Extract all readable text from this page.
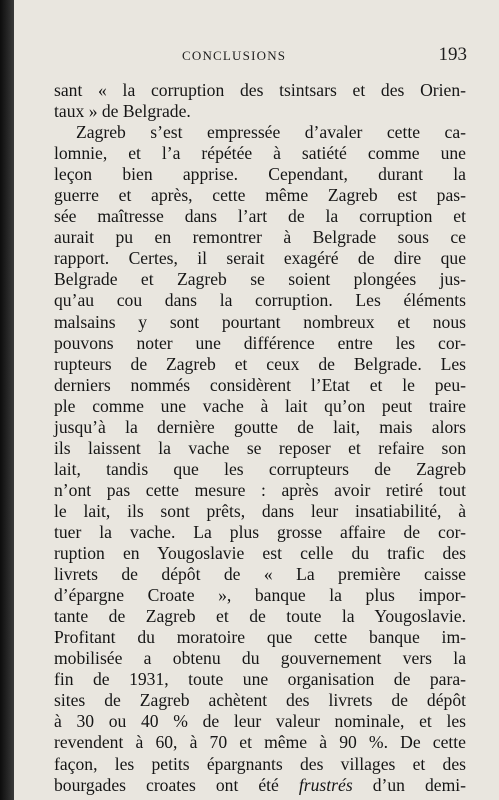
CONCLUSIONS	193
sant « la corruption des tsintsars et des Orien-
taux » de Belgrade.
Zagreb s’est empressée d’avaler cette ca-
lomnie, et l’a répétée à satiété comme une
leçon bien apprise. Cependant, durant la
guerre et après, cette même Zagreb est pas-
sée maîtresse dans l’art de la corruption et
aurait pu en remontrer à Belgrade sous ce
rapport. Certes, il serait exagéré de dire que
Belgrade et Zagreb se soient plongées jus-
qu’au cou dans la corruption. Les éléments
malsains y sont pourtant nombreux et nous
pouvons noter une différence entre les cor-
rupteurs de Zagreb et ceux de Belgrade. Les
derniers nommés considèrent l’Etat et le peu-
ple comme une vache à lait qu’on peut traire
jusqu’à la dernière goutte de lait, mais alors
ils laissent la vache se reposer et refaire son
lait, tandis que les corrupteurs de Zagreb
n’ont pas cette mesure : après avoir retiré tout
le lait, ils sont prêts, dans leur insatiabilité, à
tuer la vache. La plus grosse affaire de cor-
ruption en Yougoslavie est celle du trafic des
livrets de dépôt de « La première caisse
d’épargne Croate », banque la plus impor-
tante de Zagreb et de toute la Yougoslavie.
Profitant du moratoire que cette banque im-
mobilisée a obtenu du gouvernement vers la
fin de 1931, toute une organisation de para-
sites de Zagreb achètent des livrets de dépôt
à 30 ou 40 % de leur valeur nominale, et les
revendent à 60, à 70 et même à 90 %. De cette
façon, les petits épargnants des villages et des
bourgades croates ont été frustrés d’un demi-
